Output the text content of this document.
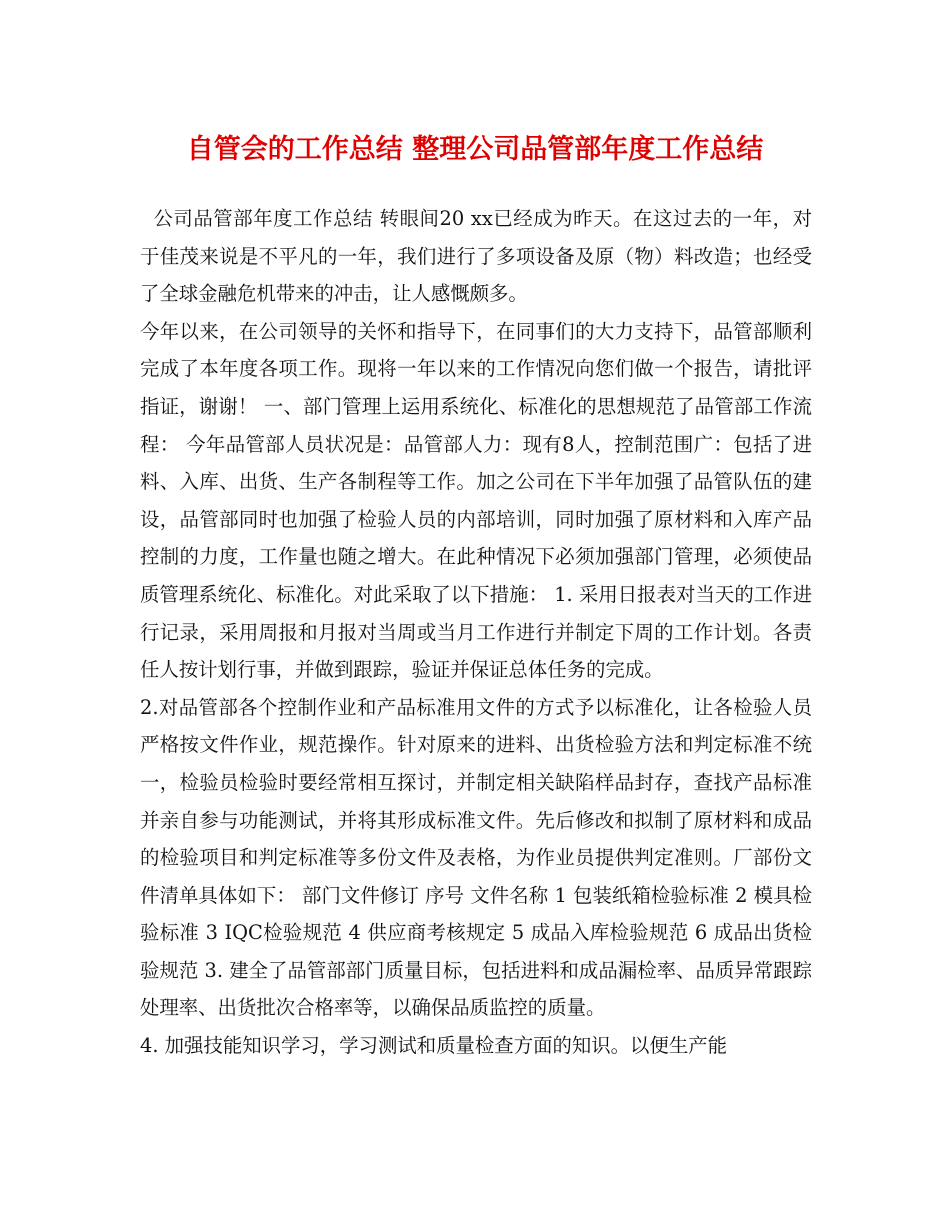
自管会的工作总结 整理公司品管部年度工作总结

公司品管部年度工作总结 转眼间20 xx已经成为昨天。在这过去的一年，对于佳茂来说是不平凡的一年，我们进行了多项设备及原（物）料改造；也经受了全球金融危机带来的冲击，让人感慨颇多。

今年以来，在公司领导的关怀和指导下，在同事们的大力支持下，品管部顺利完成了本年度各项工作。现将一年以来的工作情况向您们做一个报告，请批评指证，谢谢！ 一、部门管理上运用系统化、标准化的思想规范了品管部工作流程： 今年品管部人员状况是：品管部人力：现有8人，控制范围广：包括了进料、入库、出货、生产各制程等工作。加之公司在下半年加强了品管队伍的建设，品管部同时也加强了检验人员的内部培训，同时加强了原材料和入库产品控制的力度，工作量也随之增大。在此种情况下必须加强部门管理，必须使品质管理系统化、标准化。对此采取了以下措施： 1. 采用日报表对当天的工作进行记录，采用周报和月报对当周或当月工作进行并制定下周的工作计划。各责任人按计划行事，并做到跟踪，验证并保证总体任务的完成。

2.对品管部各个控制作业和产品标准用文件的方式予以标准化，让各检验人员严格按文件作业，规范操作。针对原来的进料、出货检验方法和判定标准不统一，检验员检验时要经常相互探讨，并制定相关缺陷样品封存，查找产品标准并亲自参与功能测试，并将其形成标准文件。先后修改和拟制了原材料和成品的检验项目和判定标准等多份文件及表格，为作业员提供判定准则。厂部份文件清单具体如下： 部门文件修订 序号 文件名称 1 包装纸箱检验标准 2 模具检验标准 3 IQC检验规范 4 供应商考核规定 5 成品入库检验规范 6 成品出货检验规范 3. 建全了品管部部门质量目标，包括进料和成品漏检率、品质异常跟踪处理率、出货批次合格率等，以确保品质监控的质量。

4. 加强技能知识学习，学习测试和质量检查方面的知识。以便生产能
